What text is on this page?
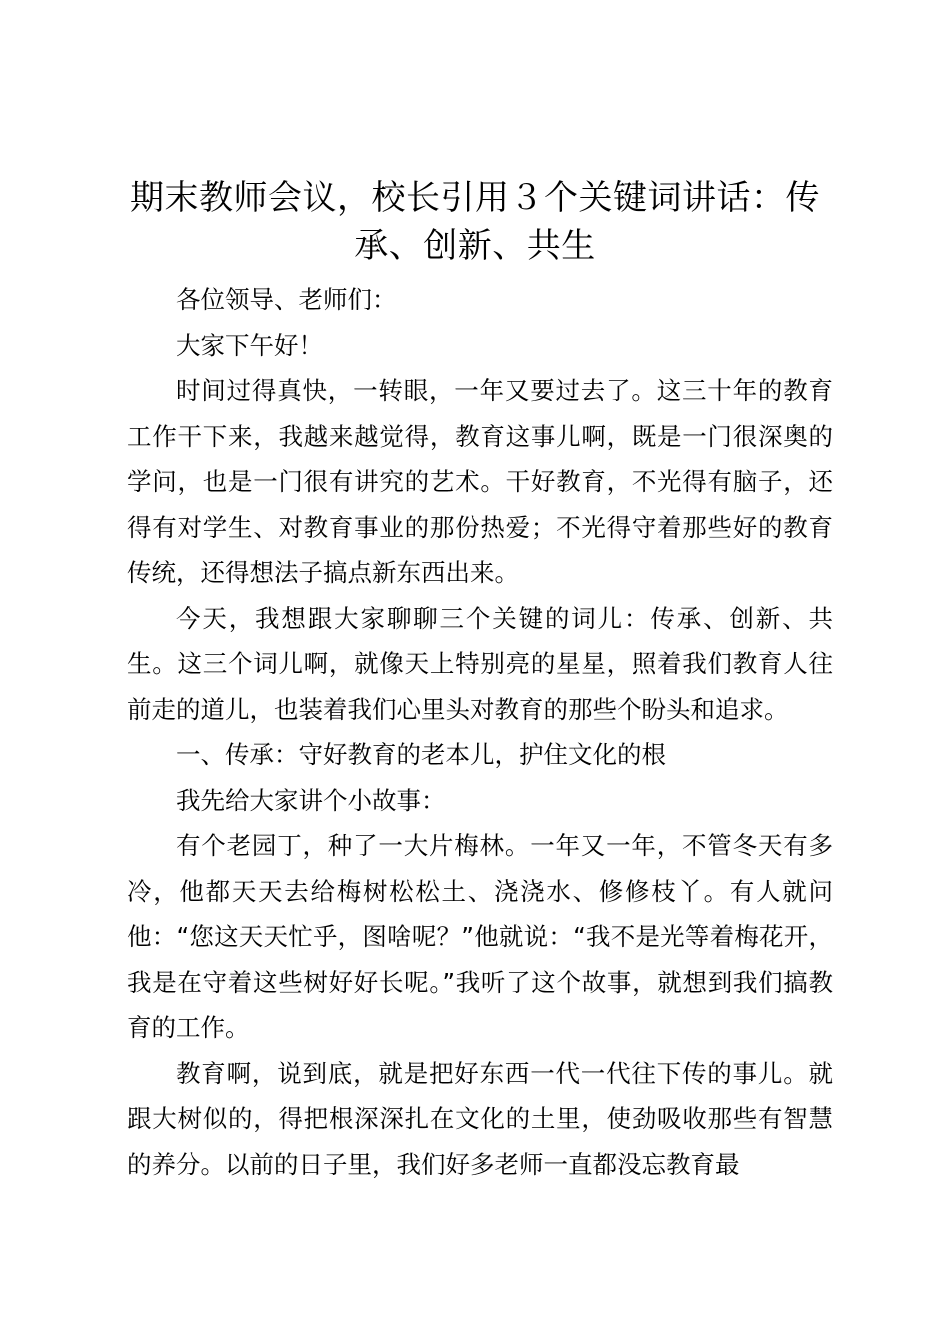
期末教师会议，校长引用３个关键词讲话：传承、创新、共生

各位领导、老师们：

大家下午好！

时间过得真快，一转眼，一年又要过去了。这三十年的教育工作干下来，我越来越觉得，教育这事儿啊，既是一门很深奥的学问，也是一门很有讲究的艺术。干好教育，不光得有脑子，还得有对学生、对教育事业的那份热爱；不光得守着那些好的教育传统，还得想法子搞点新东西出来。

今天，我想跟大家聊聊三个关键的词儿：传承、创新、共生。这三个词儿啊，就像天上特别亮的星星，照着我们教育人往前走的道儿，也装着我们心里头对教育的那些个盼头和追求。

一、传承：守好教育的老本儿，护住文化的根

我先给大家讲个小故事：

有个老园丁，种了一大片梅林。一年又一年，不管冬天有多冷，他都天天去给梅树松松土、浇浇水、修修枝丫。有人就问他：“您这天天忙乎，图啥呢？”他就说：“我不是光等着梅花开，我是在守着这些树好好长呢。”我听了这个故事，就想到我们搞教育的工作。

教育啊，说到底，就是把好东西一代一代往下传的事儿。就跟大树似的，得把根深深扎在文化的土里，使劲吸收那些有智慧的养分。以前的日子里，我们好多老师一直都没忘教育最
